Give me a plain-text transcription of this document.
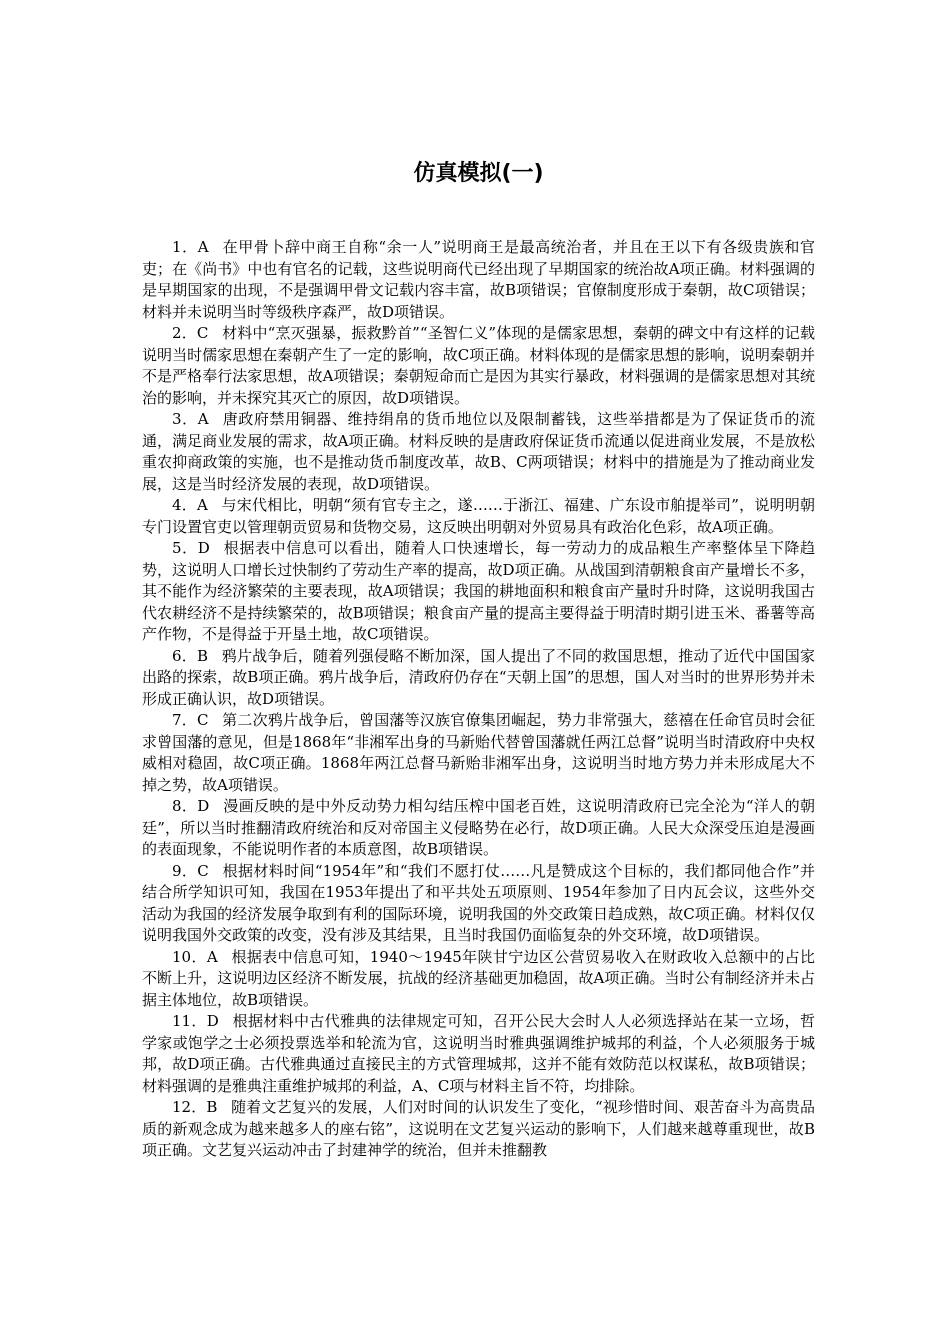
仿真模拟(一)

1．A 在甲骨卜辞中商王自称“余一人”说明商王是最高统治者，并且在王以下有各级贵族和官吏；在《尚书》中也有官名的记载，这些说明商代已经出现了早期国家的统治故A项正确。材料强调的是早期国家的出现，不是强调甲骨文记载内容丰富，故B项错误；官僚制度形成于秦朝，故C项错误；材料并未说明当时等级秩序森严，故D项错误。

2．C 材料中“烹灭强暴，振救黔首”“圣智仁义”体现的是儒家思想，秦朝的碑文中有这样的记载说明当时儒家思想在秦朝产生了一定的影响，故C项正确。材料体现的是儒家思想的影响，说明秦朝并不是严格奉行法家思想，故A项错误；秦朝短命而亡是因为其实行暴政，材料强调的是儒家思想对其统治的影响，并未探究其灭亡的原因，故D项错误。

3．A 唐政府禁用铜器、维持绢帛的货币地位以及限制蓄钱，这些举措都是为了保证货币的流通，满足商业发展的需求，故A项正确。材料反映的是唐政府保证货币流通以促进商业发展，不是放松重农抑商政策的实施，也不是推动货币制度改革，故B、C两项错误；材料中的措施是为了推动商业发展，这是当时经济发展的表现，故D项错误。

4．A 与宋代相比，明朝“须有官专主之，遂……于浙江、福建、广东设市舶提举司”，说明明朝专门设置官吏以管理朝贡贸易和货物交易，这反映出明朝对外贸易具有政治化色彩，故A项正确。

5．D 根据表中信息可以看出，随着人口快速增长，每一劳动力的成品粮生产率整体呈下降趋势，这说明人口增长过快制约了劳动生产率的提高，故D项正确。从战国到清朝粮食亩产量增长不多，其不能作为经济繁荣的主要表现，故A项错误；我国的耕地面积和粮食亩产量时升时降，这说明我国古代农耕经济不是持续繁荣的，故B项错误；粮食亩产量的提高主要得益于明清时期引进玉米、番薯等高产作物，不是得益于开垦土地，故C项错误。

6．B 鸦片战争后，随着列强侵略不断加深，国人提出了不同的救国思想，推动了近代中国国家出路的探索，故B项正确。鸦片战争后，清政府仍存在“天朝上国”的思想，国人对当时的世界形势并未形成正确认识，故D项错误。

7．C 第二次鸦片战争后，曾国藩等汉族官僚集团崛起，势力非常强大，慈禧在任命官员时会征求曾国藩的意见，但是1868年“非湘军出身的马新贻代替曾国藩就任两江总督”说明当时清政府中央权威相对稳固，故C项正确。1868年两江总督马新贻非湘军出身，这说明当时地方势力并未形成尾大不掉之势，故A项错误。

8．D 漫画反映的是中外反动势力相勾结压榨中国老百姓，这说明清政府已完全沦为“洋人的朝廷”，所以当时推翻清政府统治和反对帝国主义侵略势在必行，故D项正确。人民大众深受压迫是漫画的表面现象，不能说明作者的本质意图，故B项错误。

9．C 根据材料时间“1954年”和“我们不愿打仗……凡是赞成这个目标的，我们都同他合作”并结合所学知识可知，我国在1953年提出了和平共处五项原则、1954年参加了日内瓦会议，这些外交活动为我国的经济发展争取到有利的国际环境，说明我国的外交政策日趋成熟，故C项正确。材料仅仅说明我国外交政策的改变，没有涉及其结果，且当时我国仍面临复杂的外交环境，故D项错误。

10．A 根据表中信息可知，1940～1945年陕甘宁边区公营贸易收入在财政收入总额中的占比不断上升，这说明边区经济不断发展，抗战的经济基础更加稳固，故A项正确。当时公有制经济并未占据主体地位，故B项错误。

11．D 根据材料中古代雅典的法律规定可知，召开公民大会时人人必须选择站在某一立场，哲学家或饱学之士必须投票选举和轮流为官，这说明当时雅典强调维护城邦的利益，个人必须服务于城邦，故D项正确。古代雅典通过直接民主的方式管理城邦，这并不能有效防范以权谋私，故B项错误；材料强调的是雅典注重维护城邦的利益，A、C项与材料主旨不符，均排除。

12．B 随着文艺复兴的发展，人们对时间的认识发生了变化，“视珍惜时间、艰苦奋斗为高贵品质的新观念成为越来越多人的座右铭”，这说明在文艺复兴运动的影响下，人们越来越尊重现世，故B项正确。文艺复兴运动冲击了封建神学的统治，但并未推翻教
